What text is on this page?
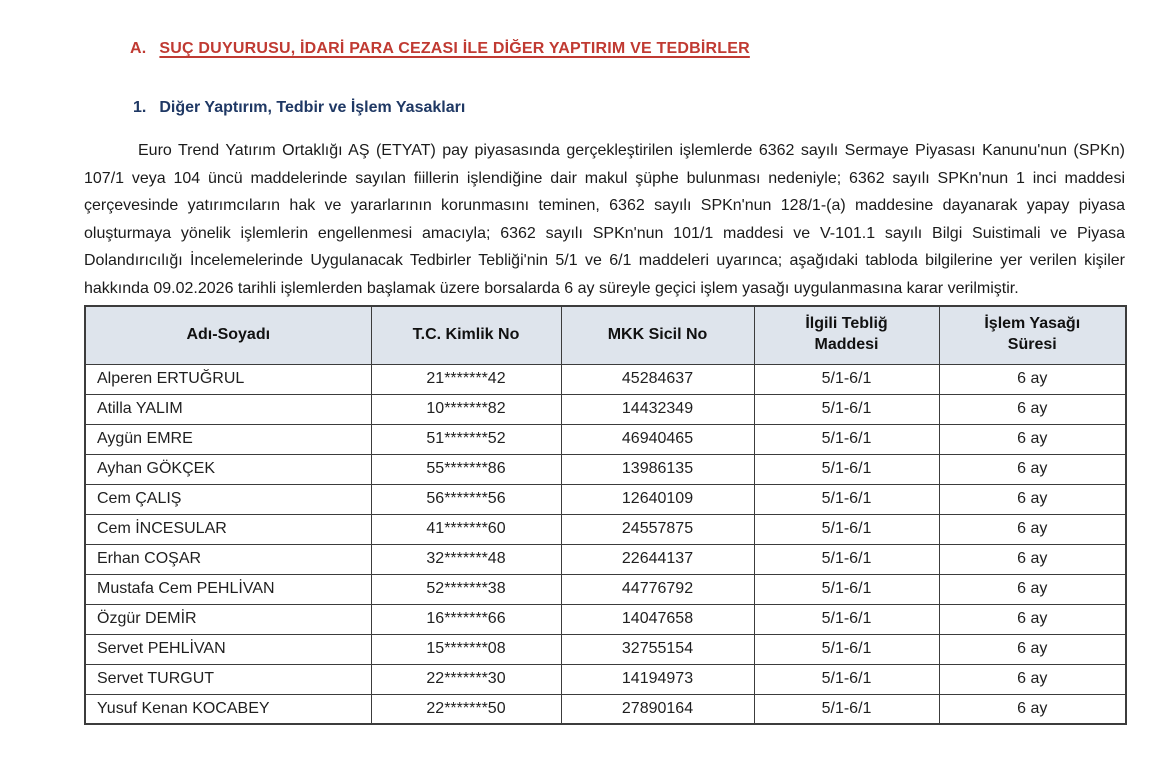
A. SUÇ DUYURUSU, İDARİ PARA CEZASI İLE DİĞER YAPTIRIM VE TEDBİRLER
1. Diğer Yaptırım, Tedbir ve İşlem Yasakları

Euro Trend Yatırım Ortaklığı AŞ (ETYAT) pay piyasasında gerçekleştirilen işlemlerde 6362 sayılı Sermaye Piyasası Kanunu'nun (SPKn) 107/1 veya 104 üncü maddelerinde sayılan fiillerin işlendiğine dair makul şüphe bulunması nedeniyle; 6362 sayılı SPKn'nun 1 inci maddesi çerçevesinde yatırımcıların hak ve yararlarının korunmasını teminen, 6362 sayılı SPKn'nun 128/1-(a) maddesine dayanarak yapay piyasa oluşturmaya yönelik işlemlerin engellenmesi amacıyla; 6362 sayılı SPKn'nun 101/1 maddesi ve V-101.1 sayılı Bilgi Suistimali ve Piyasa Dolandırıcılığı İncelemelerinde Uygulanacak Tedbirler Tebliği'nin 5/1 ve 6/1 maddeleri uyarınca; aşağıdaki tabloda bilgilerine yer verilen kişiler hakkında 09.02.2026 tarihli işlemlerden başlamak üzere borsalarda 6 ay süreyle geçici işlem yasağı uygulanmasına karar verilmiştir.

Adı-Soyadı	T.C. Kimlik No	MKK Sicil No	İlgili Tebliğ Maddesi	İşlem Yasağı Süresi
Alperen ERTUĞRUL	21*******42	45284637	5/1-6/1	6 ay
Atilla YALIM	10*******82	14432349	5/1-6/1	6 ay
Aygün EMRE	51*******52	46940465	5/1-6/1	6 ay
Ayhan GÖKÇEK	55*******86	13986135	5/1-6/1	6 ay
Cem ÇALIŞ	56*******56	12640109	5/1-6/1	6 ay
Cem İNCESULAR	41*******60	24557875	5/1-6/1	6 ay
Erhan COŞAR	32*******48	22644137	5/1-6/1	6 ay
Mustafa Cem PEHLİVAN	52*******38	44776792	5/1-6/1	6 ay
Özgür DEMİR	16*******66	14047658	5/1-6/1	6 ay
Servet PEHLİVAN	15*******08	32755154	5/1-6/1	6 ay
Servet TURGUT	22*******30	14194973	5/1-6/1	6 ay
Yusuf Kenan KOCABEY	22*******50	27890164	5/1-6/1	6 ay
